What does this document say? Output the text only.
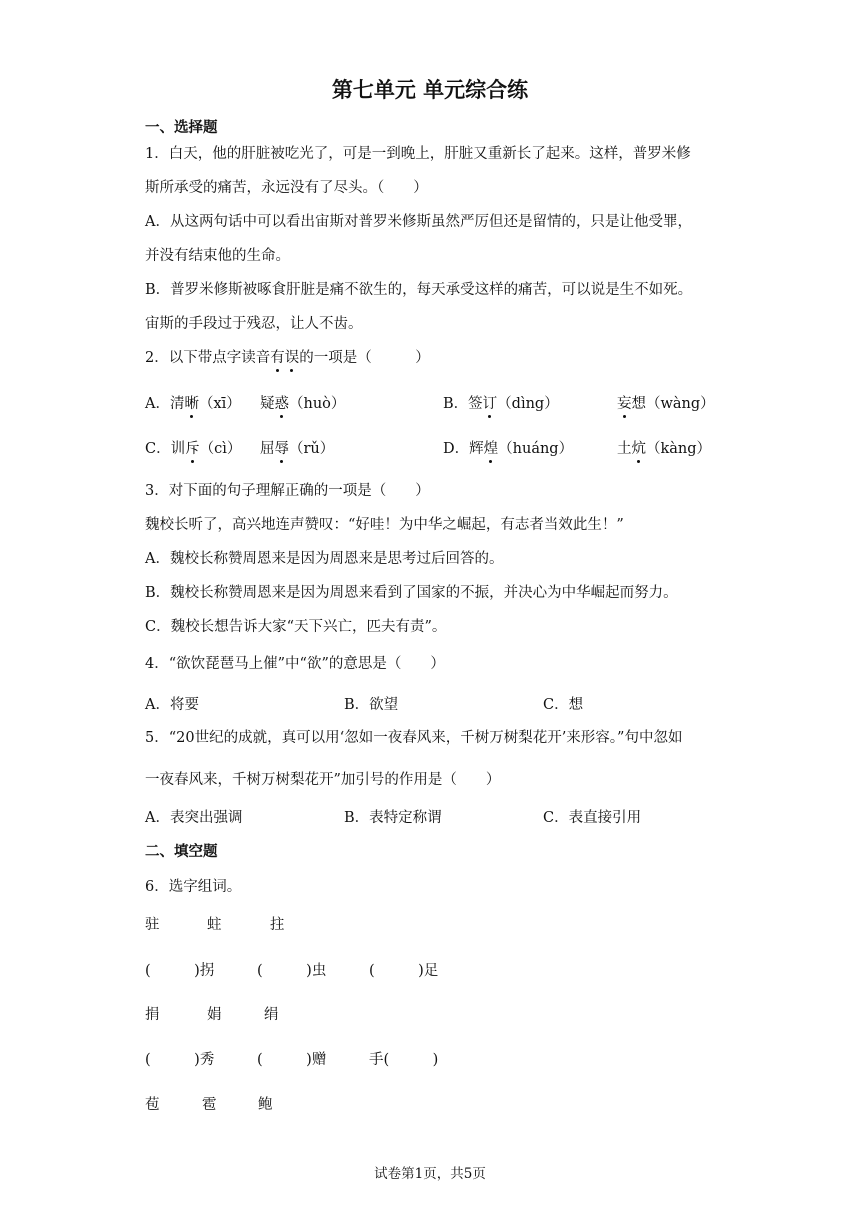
第七单元 单元综合练
一、选择题
1．白天，他的肝脏被吃光了，可是一到晚上，肝脏又重新长了起来。这样，普罗米修
斯所承受的痛苦，永远没有了尽头。（　　）
A．从这两句话中可以看出宙斯对普罗米修斯虽然严厉但还是留情的，只是让他受罪，
并没有结束他的生命。
B．普罗米修斯被啄食肝脏是痛不欲生的，每天承受这样的痛苦，可以说是生不如死。
宙斯的手段过于残忍，让人不齿。
2．以下带点字读音有误的一项是（　　　）
A．清晰（xī） 疑惑（huò）	B．签订（dìng）	妄想（wàng）
C．训斥（cì） 屈辱（rǔ）	D．辉煌（huáng）	土炕（kàng）
3．对下面的句子理解正确的一项是（　　）
魏校长听了，高兴地连声赞叹：“好哇！为中华之崛起，有志者当效此生！”
A．魏校长称赞周恩来是因为周恩来是思考过后回答的。
B．魏校长称赞周恩来是因为周恩来看到了国家的不振，并决心为中华崛起而努力。
C．魏校长想告诉大家“天下兴亡，匹夫有责”。
4．“欲饮琵琶马上催”中“欲”的意思是（　　）
A．将要	B．欲望	C．想
5．“20世纪的成就，真可以用‘忽如一夜春风来，千树万树梨花开’来形容。”句中忽如
一夜春风来，千树万树梨花开”加引号的作用是（　　）
A．表突出强调	B．表特定称谓	C．表直接引用
二、填空题
6．选字组词。
驻	蛀	拄
(　　　)拐	(　　　)虫	(　　　)足
捐	娟	绢
(　　　)秀	(　　　)赠	手(　　　)
苞	雹	鲍
试卷第1页，共5页
